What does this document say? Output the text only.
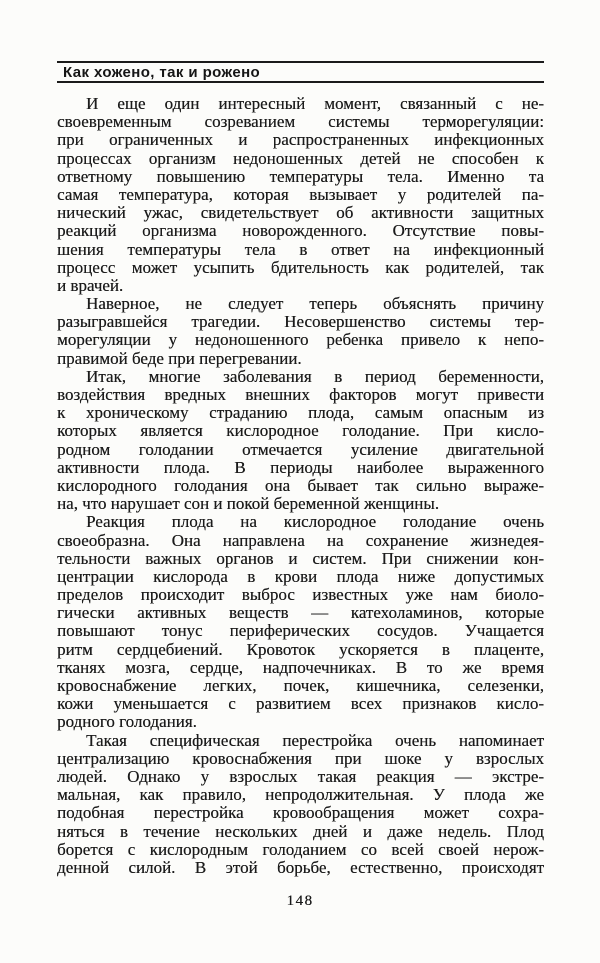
Как хожено, так и рожено
И еще один интересный момент, связанный с не-
своевременным созреванием системы терморегуляции:
при ограниченных и распространенных инфекционных
процессах организм недоношенных детей не способен к
ответному повышению температуры тела. Именно та
самая температура, которая вызывает у родителей па-
нический ужас, свидетельствует об активности защитных
реакций организма новорожденного. Отсутствие повы-
шения температуры тела в ответ на инфекционный
процесс может усыпить бдительность как родителей, так
и врачей.
Наверное, не следует теперь объяснять причину
разыгравшейся трагедии. Несовершенство системы тер-
морегуляции у недоношенного ребенка привело к непо-
правимой беде при перегревании.
Итак, многие заболевания в период беременности,
воздействия вредных внешних факторов могут привести
к хроническому страданию плода, самым опасным из
которых является кислородное голодание. При кисло-
родном голодании отмечается усиление двигательной
активности плода. В периоды наиболее выраженного
кислородного голодания она бывает так сильно выраже-
на, что нарушает сон и покой беременной женщины.
Реакция плода на кислородное голодание очень
своеобразна. Она направлена на сохранение жизнедея-
тельности важных органов и систем. При снижении кон-
центрации кислорода в крови плода ниже допустимых
пределов происходит выброс известных уже нам биоло-
гически активных веществ — катехоламинов, которые
повышают тонус периферических сосудов. Учащается
ритм сердцебиений. Кровоток ускоряется в плаценте,
тканях мозга, сердце, надпочечниках. В то же время
кровоснабжение легких, почек, кишечника, селезенки,
кожи уменьшается с развитием всех признаков кисло-
родного голодания.
Такая специфическая перестройка очень напоминает
централизацию кровоснабжения при шоке у взрослых
людей. Однако у взрослых такая реакция — экстре-
мальная, как правило, непродолжительная. У плода же
подобная перестройка кровообращения может сохра-
няться в течение нескольких дней и даже недель. Плод
борется с кислородным голоданием со всей своей нерож-
денной силой. В этой борьбе, естественно, происходят
148
